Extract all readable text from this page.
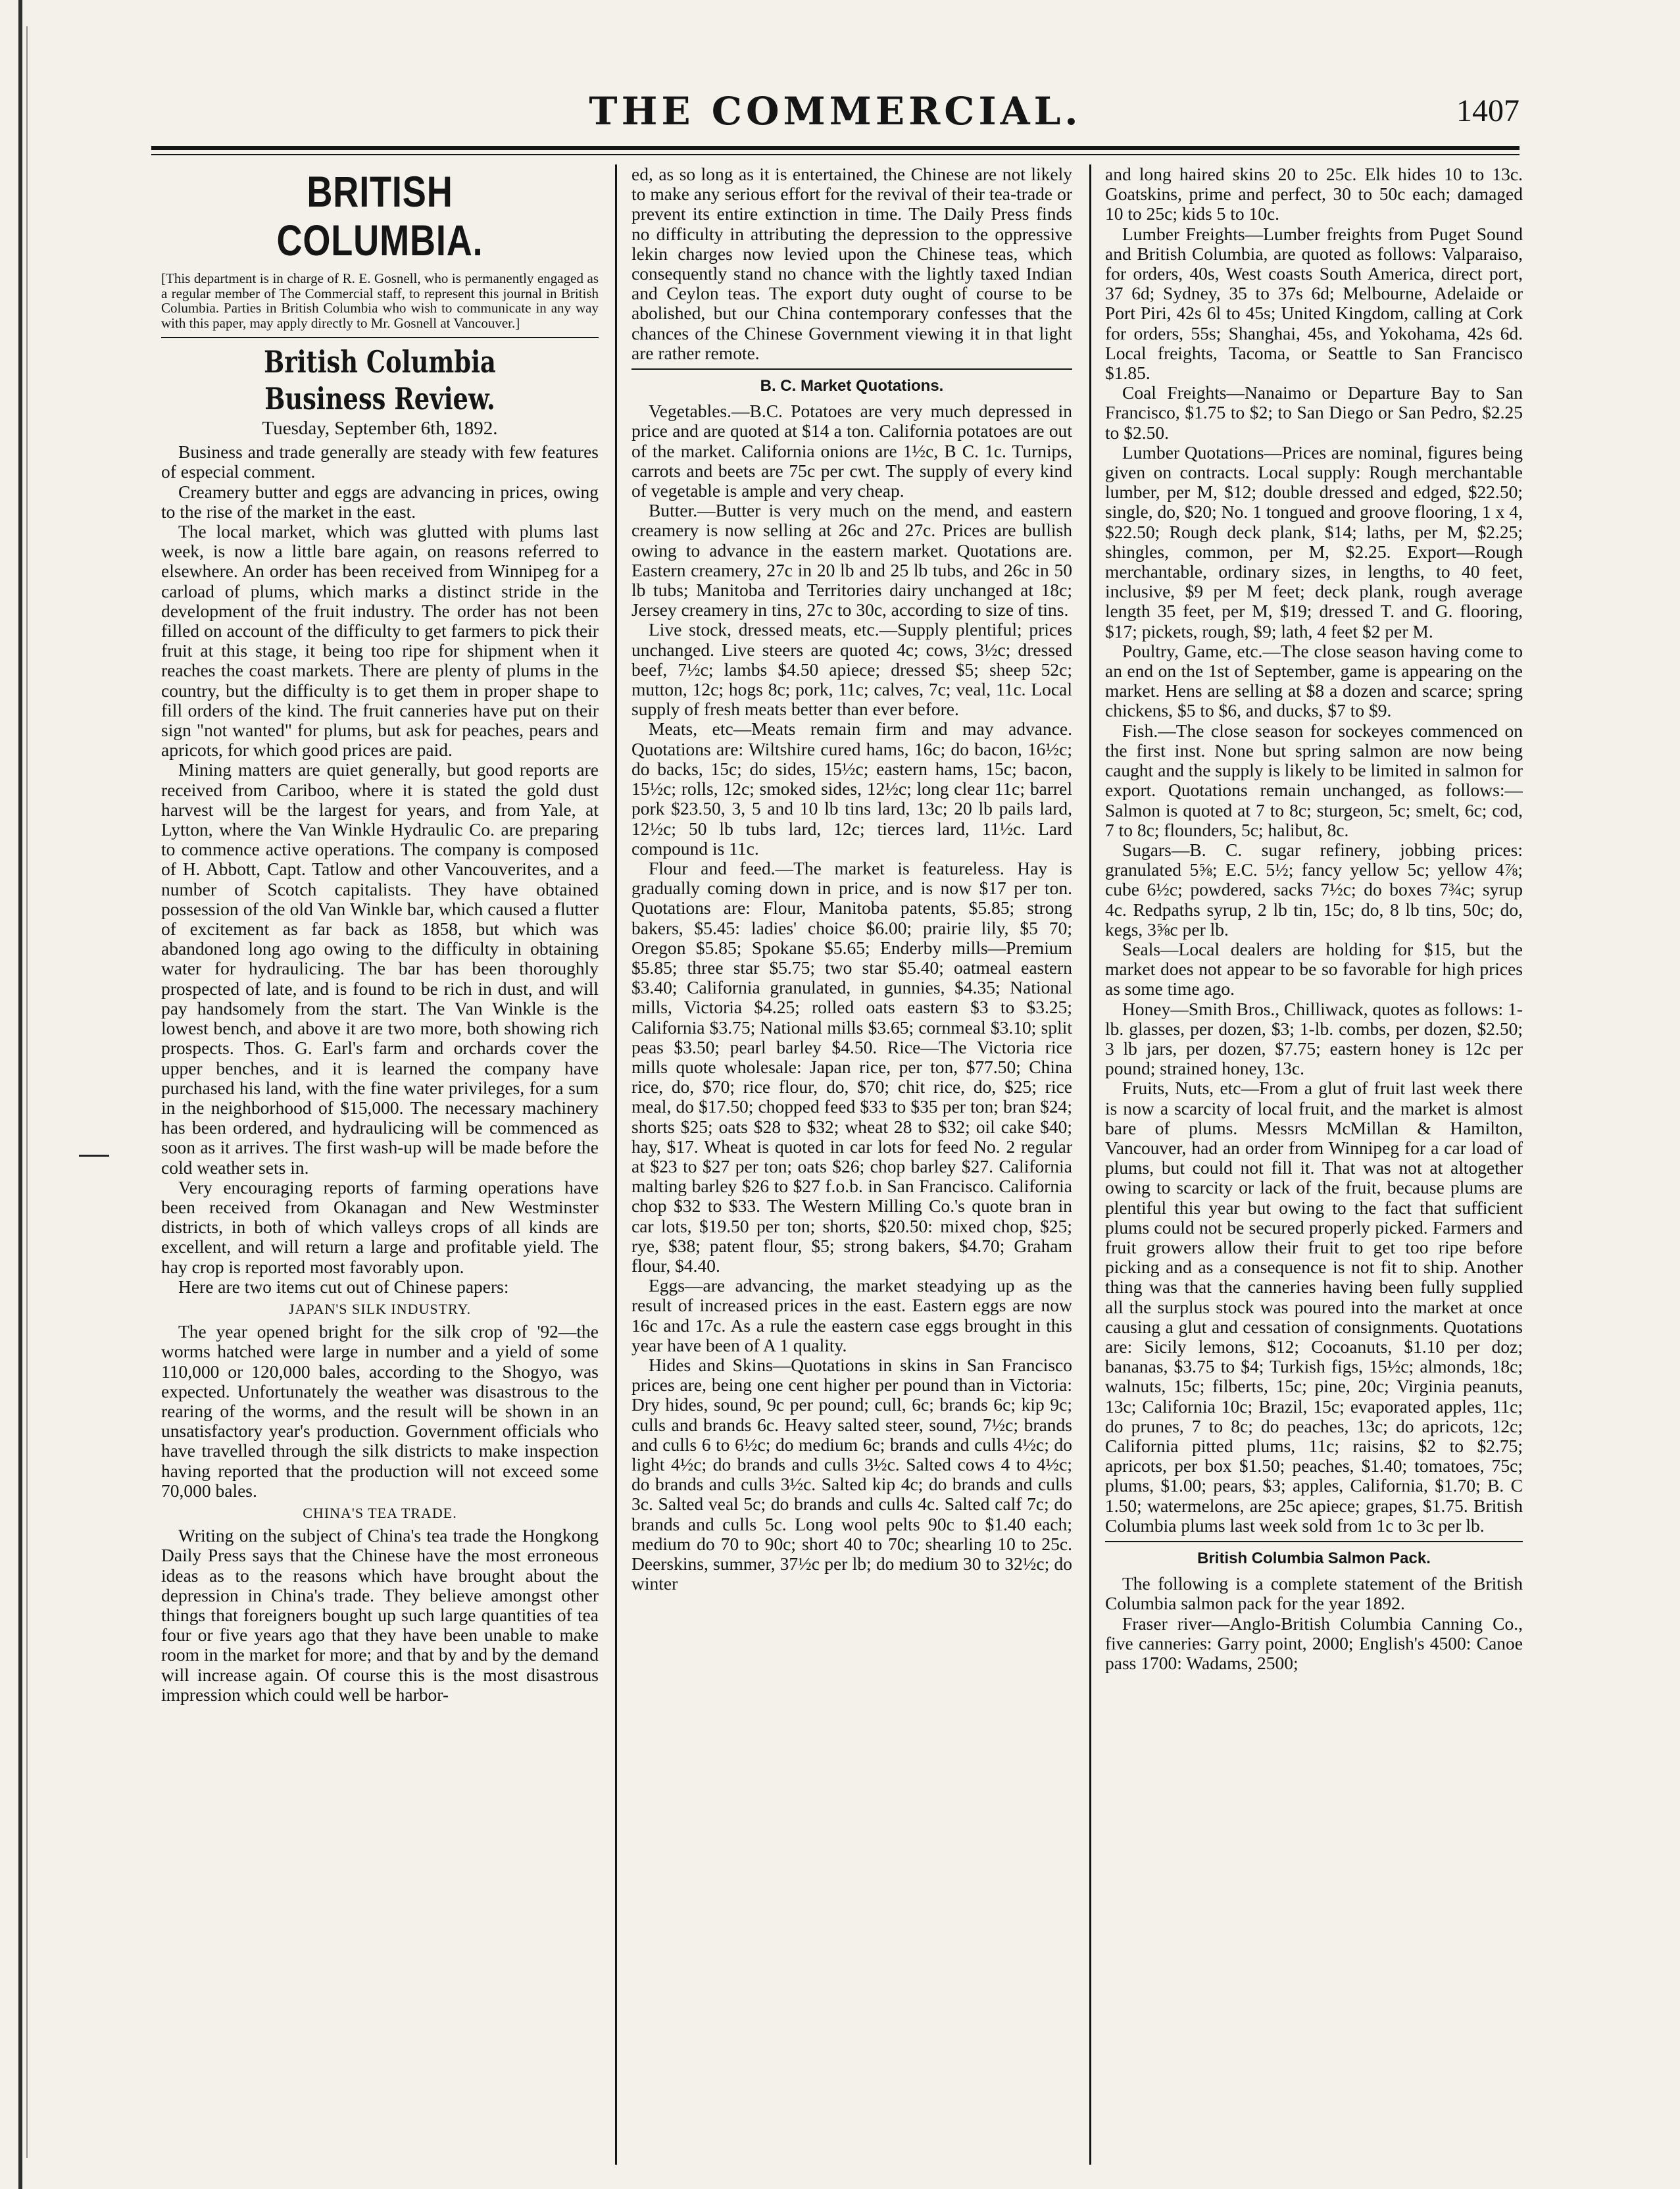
THE COMMERCIAL.	1407
BRITISH COLUMBIA.
[This department is in charge of R. E. Gosnell, who is permanently engaged as a regular member of The Commercial staff, to represent this journal in British Columbia. Parties in British Columbia who wish to communicate in any way with this paper, may apply directly to Mr. Gosnell at Vancouver.]
British Columbia Business Review.
Tuesday, September 6th, 1892.

Business and trade generally are steady with few features of especial comment.

Creamery butter and eggs are advancing in prices, owing to the rise of the market in the east.

The local market, which was glutted with plums last week, is now a little bare again, on reasons referred to elsewhere. An order has been received from Winnipeg for a carload of plums, which marks a distinct stride in the development of the fruit industry. The order has not been filled on account of the difficulty to get farmers to pick their fruit at this stage, it being too ripe for shipment when it reaches the coast markets. There are plenty of plums in the country, but the difficulty is to get them in proper shape to fill orders of the kind. The fruit canneries have put on their sign "not wanted" for plums, but ask for peaches, pears and apricots, for which good prices are paid.

Mining matters are quiet generally, but good reports are received from Cariboo, where it is stated the gold dust harvest will be the largest for years, and from Yale, at Lytton, where the Van Winkle Hydraulic Co. are preparing to commence active operations. The company is composed of H. Abbott, Capt. Tatlow and other Vancouverites, and a number of Scotch capitalists. They have obtained possession of the old Van Winkle bar, which caused a flutter of excitement as far back as 1858, but which was abandoned long ago owing to the difficulty in obtaining water for hydraulicing. The bar has been thoroughly prospected of late, and is found to be rich in dust, and will pay handsomely from the start. The Van Winkle is the lowest bench, and above it are two more, both showing rich prospects. Thos. G. Earl's farm and orchards cover the upper benches, and it is learned the company have purchased his land, with the fine water privileges, for a sum in the neighborhood of $15,000. The necessary machinery has been ordered, and hydraulicing will be commenced as soon as it arrives. The first wash-up will be made before the cold weather sets in.

Very encouraging reports of farming operations have been received from Okanagan and New Westminster districts, in both of which valleys crops of all kinds are excellent, and will return a large and profitable yield. The hay crop is reported most favorably upon.

Here are two items cut out of Chinese papers:

JAPAN'S SILK INDUSTRY.

The year opened bright for the silk crop of '92—the worms hatched were large in number and a yield of some 110,000 or 120,000 bales, according to the Shogyo, was expected. Unfortunately the weather was disastrous to the rearing of the worms, and the result will be shown in an unsatisfactory year's production. Government officials who have travelled through the silk districts to make inspection having reported that the production will not exceed some 70,000 bales.

CHINA'S TEA TRADE.

Writing on the subject of China's tea trade the Hongkong Daily Press says that the Chinese have the most erroneous ideas as to the reasons which have brought about the depression in China's trade. They believe amongst other things that foreigners bought up such large quantities of tea four or five years ago that they have been unable to make room in the market for more; and that by and by the demand will increase again. Of course this is the most disastrous impression which could well be harbor-

ed, as so long as it is entertained, the Chinese are not likely to make any serious effort for the revival of their tea-trade or prevent its entire extinction in time. The Daily Press finds no difficulty in attributing the depression to the oppressive lekin charges now levied upon the Chinese teas, which consequently stand no chance with the lightly taxed Indian and Ceylon teas. The export duty ought of course to be abolished, but our China contemporary confesses that the chances of the Chinese Government viewing it in that light are rather remote.

B. C. Market Quotations.

Vegetables.—B.C. Potatoes are very much depressed in price and are quoted at $14 a ton. California potatoes are out of the market. California onions are 1½c, B C. 1c. Turnips, carrots and beets are 75c per cwt. The supply of every kind of vegetable is ample and very cheap.

Butter.—Butter is very much on the mend, and eastern creamery is now selling at 26c and 27c. Prices are bullish owing to advance in the eastern market. Quotations are. Eastern creamery, 27c in 20 lb and 25 lb tubs, and 26c in 50 lb tubs; Manitoba and Territories dairy unchanged at 18c; Jersey creamery in tins, 27c to 30c, according to size of tins.

Live stock, dressed meats, etc.—Supply plentiful; prices unchanged. Live steers are quoted 4c; cows, 3½c; dressed beef, 7½c; lambs $4.50 apiece; dressed $5; sheep 52c; mutton, 12c; hogs 8c; pork, 11c; calves, 7c; veal, 11c. Local supply of fresh meats better than ever before.

Meats, etc—Meats remain firm and may advance. Quotations are: Wiltshire cured hams, 16c; do bacon, 16½c; do backs, 15c; do sides, 15½c; eastern hams, 15c; bacon, 15½c; rolls, 12c; smoked sides, 12½c; long clear 11c; barrel pork $23.50, 3, 5 and 10 lb tins lard, 13c; 20 lb pails lard, 12½c; 50 lb tubs lard, 12c; tierces lard, 11½c. Lard compound is 11c.

Flour and feed.—The market is featureless. Hay is gradually coming down in price, and is now $17 per ton. Quotations are: Flour, Manitoba patents, $5.85; strong bakers, $5.45: ladies' choice $6.00; prairie lily, $5 70; Oregon $5.85; Spokane $5.65; Enderby mills—Premium $5.85; three star $5.75; two star $5.40; oatmeal eastern $3.40; California granulated, in gunnies, $4.35; National mills, Victoria $4.25; rolled oats eastern $3 to $3.25; California $3.75; National mills $3.65; cornmeal $3.10; split peas $3.50; pearl barley $4.50. Rice—The Victoria rice mills quote wholesale: Japan rice, per ton, $77.50; China rice, do, $70; rice flour, do, $70; chit rice, do, $25; rice meal, do $17.50; chopped feed $33 to $35 per ton; bran $24; shorts $25; oats $28 to $32; wheat 28 to $32; oil cake $40; hay, $17. Wheat is quoted in car lots for feed No. 2 regular at $23 to $27 per ton; oats $26; chop barley $27. California malting barley $26 to $27 f.o.b. in San Francisco. California chop $32 to $33. The Western Milling Co.'s quote bran in car lots, $19.50 per ton; shorts, $20.50: mixed chop, $25; rye, $38; patent flour, $5; strong bakers, $4.70; Graham flour, $4.40.

Eggs—are advancing, the market steadying up as the result of increased prices in the east. Eastern eggs are now 16c and 17c. As a rule the eastern case eggs brought in this year have been of A 1 quality.

Hides and Skins—Quotations in skins in San Francisco prices are, being one cent higher per pound than in Victoria: Dry hides, sound, 9c per pound; cull, 6c; brands 6c; kip 9c; culls and brands 6c. Heavy salted steer, sound, 7½c; brands and culls 6 to 6½c; do medium 6c; brands and culls 4½c; do light 4½c; do brands and culls 3½c. Salted cows 4 to 4½c; do brands and culls 3½c. Salted kip 4c; do brands and culls 3c. Salted veal 5c; do brands and culls 4c. Salted calf 7c; do brands and culls 5c. Long wool pelts 90c to $1.40 each; medium do 70 to 90c; short 40 to 70c; shearling 10 to 25c. Deerskins, summer, 37½c per lb; do medium 30 to 32½c; do winter

and long haired skins 20 to 25c. Elk hides 10 to 13c. Goatskins, prime and perfect, 30 to 50c each; damaged 10 to 25c; kids 5 to 10c.

Lumber Freights—Lumber freights from Puget Sound and British Columbia, are quoted as follows: Valparaiso, for orders, 40s, West coasts South America, direct port, 37 6d; Sydney, 35 to 37s 6d; Melbourne, Adelaide or Port Piri, 42s 6l to 45s; United Kingdom, calling at Cork for orders, 55s; Shanghai, 45s, and Yokohama, 42s 6d. Local freights, Tacoma, or Seattle to San Francisco $1.85.

Coal Freights—Nanaimo or Departure Bay to San Francisco, $1.75 to $2; to San Diego or San Pedro, $2.25 to $2.50.

Lumber Quotations—Prices are nominal, figures being given on contracts. Local supply: Rough merchantable lumber, per M, $12; double dressed and edged, $22.50; single, do, $20; No. 1 tongued and groove flooring, 1 x 4, $22.50; Rough deck plank, $14; laths, per M, $2.25; shingles, common, per M, $2.25. Export—Rough merchantable, ordinary sizes, in lengths, to 40 feet, inclusive, $9 per M feet; deck plank, rough average length 35 feet, per M, $19; dressed T. and G. flooring, $17; pickets, rough, $9; lath, 4 feet $2 per M.

Poultry, Game, etc.—The close season having come to an end on the 1st of September, game is appearing on the market. Hens are selling at $8 a dozen and scarce; spring chickens, $5 to $6, and ducks, $7 to $9.

Fish.—The close season for sockeyes commenced on the first inst. None but spring salmon are now being caught and the supply is likely to be limited in salmon for export. Quotations remain unchanged, as follows:—Salmon is quoted at 7 to 8c; sturgeon, 5c; smelt, 6c; cod, 7 to 8c; flounders, 5c; halibut, 8c.

Sugars—B. C. sugar refinery, jobbing prices: granulated 5⅝; E.C. 5½; fancy yellow 5c; yellow 4⅞; cube 6½c; powdered, sacks 7½c; do boxes 7¾c; syrup 4c. Redpaths syrup, 2 lb tin, 15c; do, 8 lb tins, 50c; do, kegs, 3⅝c per lb.

Seals—Local dealers are holding for $15, but the market does not appear to be so favorable for high prices as some time ago.

Honey—Smith Bros., Chilliwack, quotes as follows: 1-lb. glasses, per dozen, $3; 1-lb. combs, per dozen, $2.50; 3 lb jars, per dozen, $7.75; eastern honey is 12c per pound; strained honey, 13c.

Fruits, Nuts, etc—From a glut of fruit last week there is now a scarcity of local fruit, and the market is almost bare of plums. Messrs McMillan & Hamilton, Vancouver, had an order from Winnipeg for a car load of plums, but could not fill it. That was not at altogether owing to scarcity or lack of the fruit, because plums are plentiful this year but owing to the fact that sufficient plums could not be secured properly picked. Farmers and fruit growers allow their fruit to get too ripe before picking and as a consequence is not fit to ship. Another thing was that the canneries having been fully supplied all the surplus stock was poured into the market at once causing a glut and cessation of consignments. Quotations are: Sicily lemons, $12; Cocoanuts, $1.10 per doz; bananas, $3.75 to $4; Turkish figs, 15½c; almonds, 18c; walnuts, 15c; filberts, 15c; pine, 20c; Virginia peanuts, 13c; California 10c; Brazil, 15c; evaporated apples, 11c; do prunes, 7 to 8c; do peaches, 13c; do apricots, 12c; California pitted plums, 11c; raisins, $2 to $2.75; apricots, per box $1.50; peaches, $1.40; tomatoes, 75c; plums, $1.00; pears, $3; apples, California, $1.70; B. C 1.50; watermelons, are 25c apiece; grapes, $1.75. British Columbia plums last week sold from 1c to 3c per lb.

British Columbia Salmon Pack.

The following is a complete statement of the British Columbia salmon pack for the year 1892.

Fraser river—Anglo-British Columbia Canning Co., five canneries: Garry point, 2000; English's 4500: Canoe pass 1700: Wadams, 2500;
